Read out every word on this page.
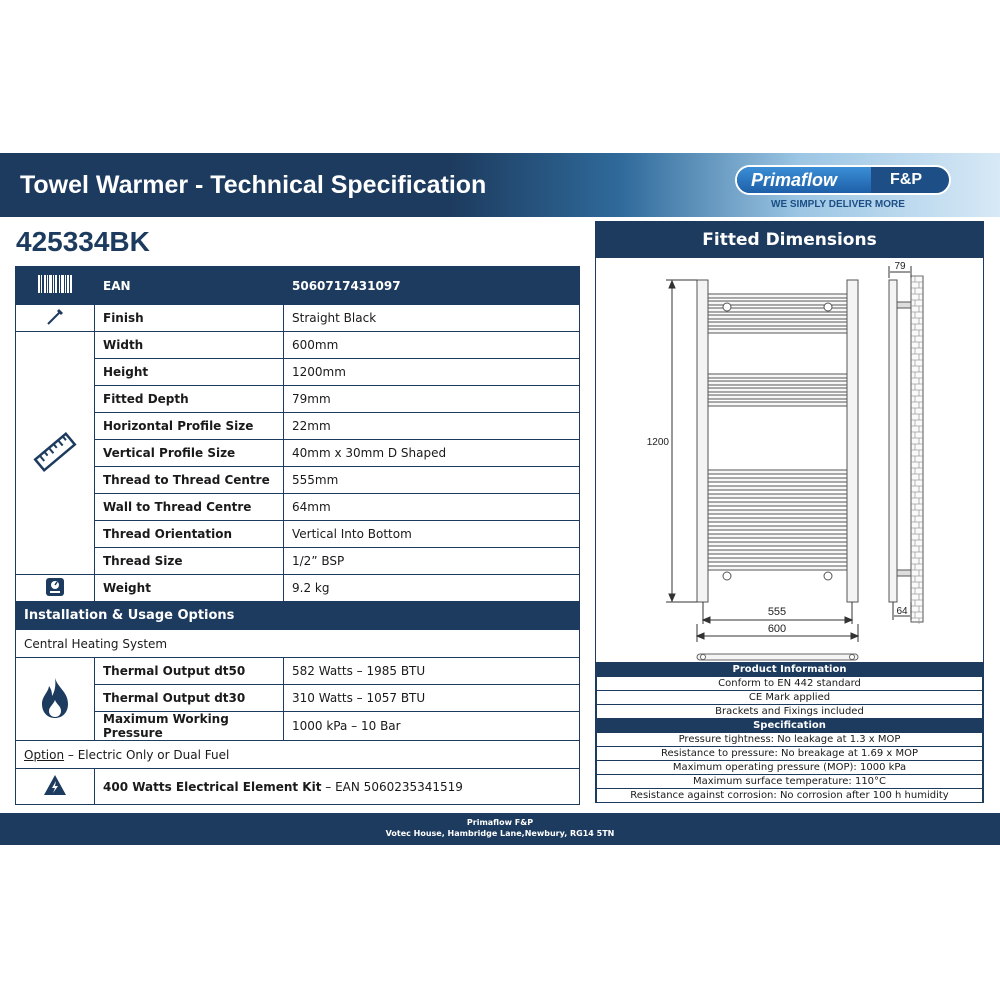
Towel Warmer - Technical Specification	Primaflow	F&P
WE SIMPLY DELIVER MORE
425334BK
	EAN	5060717431097
	Finish	Straight Black
	Width	600mm
	Height	1200mm
	Fitted Depth	79mm
	Horizontal Profile Size	22mm
	Vertical Profile Size	40mm x 30mm D Shaped
	Thread to Thread Centre	555mm
	Wall to Thread Centre	64mm
	Thread Orientation	Vertical Into Bottom
	Thread Size	1/2” BSP
	Weight	9.2 kg
Installation & Usage Options		
Central Heating System		
	Thermal Output dt50	582 Watts – 1985 BTU
	Thermal Output dt30	310 Watts – 1057 BTU
	Maximum Working Pressure	1000 kPa – 10 Bar
Option – Electric Only or Dual Fuel		
	400 Watts Electrical Element Kit – EAN 5060235341519	
Fitted Dimensions
1200
555
600
79
64
Product Information
Conform to EN 442 standard
CE Mark applied
Brackets and Fixings included
Specification
Pressure tightness: No leakage at 1.3 x MOP
Resistance to pressure: No breakage at 1.69 x MOP
Maximum operating pressure (MOP): 1000 kPa
Maximum surface temperature: 110°C
Resistance against corrosion: No corrosion after 100 h humidity
Primaflow F&P
Votec House, Hambridge Lane,Newbury, RG14 5TN
